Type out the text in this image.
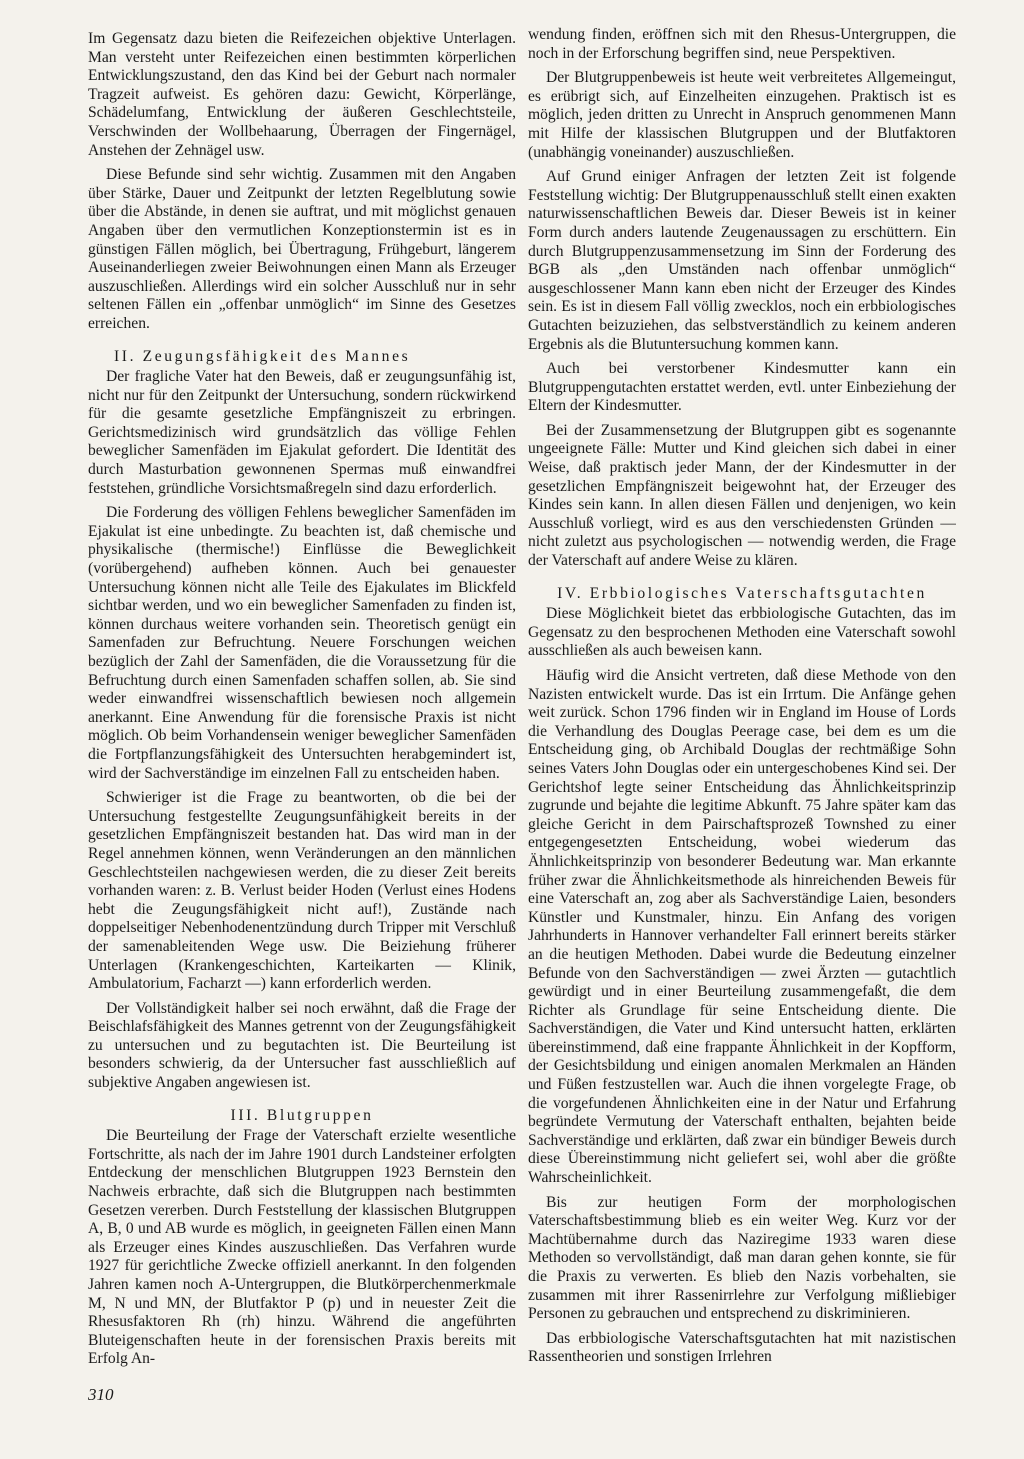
Im Gegensatz dazu bieten die Reifezeichen objektive Unterlagen. Man versteht unter Reifezeichen einen bestimmten körperlichen Entwicklungszustand, den das Kind bei der Geburt nach normaler Tragzeit aufweist. Es gehören dazu: Gewicht, Körperlänge, Schädelumfang, Entwicklung der äußeren Geschlechtsteile, Verschwinden der Wollbehaarung, Überragen der Fingernägel, Anstehen der Zehnägel usw.

Diese Befunde sind sehr wichtig. Zusammen mit den Angaben über Stärke, Dauer und Zeitpunkt der letzten Regelblutung sowie über die Abstände, in denen sie auftrat, und mit möglichst genauen Angaben über den vermutlichen Konzeptionstermin ist es in günstigen Fällen möglich, bei Übertragung, Frühgeburt, längerem Auseinanderliegen zweier Beiwohnungen einen Mann als Erzeuger auszuschließen. Allerdings wird ein solcher Ausschluß nur in sehr seltenen Fällen ein „offenbar unmöglich“ im Sinne des Gesetzes erreichen.

II. Zeugungsfähigkeit des Mannes

Der fragliche Vater hat den Beweis, daß er zeugungsunfähig ist, nicht nur für den Zeitpunkt der Untersuchung, sondern rückwirkend für die gesamte gesetzliche Empfängniszeit zu erbringen. Gerichtsmedizinisch wird grundsätzlich das völlige Fehlen beweglicher Samenfäden im Ejakulat gefordert. Die Identität des durch Masturbation gewonnenen Spermas muß einwandfrei feststehen, gründliche Vorsichtsmaßregeln sind dazu erforderlich.

Die Forderung des völligen Fehlens beweglicher Samenfäden im Ejakulat ist eine unbedingte. Zu beachten ist, daß chemische und physikalische (thermische!) Einflüsse die Beweglichkeit (vorübergehend) aufheben können. Auch bei genauester Untersuchung können nicht alle Teile des Ejakulates im Blickfeld sichtbar werden, und wo ein beweglicher Samenfaden zu finden ist, können durchaus weitere vorhanden sein. Theoretisch genügt ein Samenfaden zur Befruchtung. Neuere Forschungen weichen bezüglich der Zahl der Samenfäden, die die Voraussetzung für die Befruchtung durch einen Samenfaden schaffen sollen, ab. Sie sind weder einwandfrei wissenschaftlich bewiesen noch allgemein anerkannt. Eine Anwendung für die forensische Praxis ist nicht möglich. Ob beim Vorhandensein weniger beweglicher Samenfäden die Fortpflanzungsfähigkeit des Untersuchten herabgemindert ist, wird der Sachverständige im einzelnen Fall zu entscheiden haben.

Schwieriger ist die Frage zu beantworten, ob die bei der Untersuchung festgestellte Zeugungsunfähigkeit bereits in der gesetzlichen Empfängniszeit bestanden hat. Das wird man in der Regel annehmen können, wenn Veränderungen an den männlichen Geschlechtsteilen nachgewiesen werden, die zu dieser Zeit bereits vorhanden waren: z. B. Verlust beider Hoden (Verlust eines Hodens hebt die Zeugungsfähigkeit nicht auf!), Zustände nach doppelseitiger Nebenhodenentzündung durch Tripper mit Verschluß der samenableitenden Wege usw. Die Beiziehung früherer Unterlagen (Krankengeschichten, Karteikarten — Klinik, Ambulatorium, Facharzt —) kann erforderlich werden.

Der Vollständigkeit halber sei noch erwähnt, daß die Frage der Beischlafsfähigkeit des Mannes getrennt von der Zeugungsfähigkeit zu untersuchen und zu begutachten ist. Die Beurteilung ist besonders schwierig, da der Untersucher fast ausschließlich auf subjektive Angaben angewiesen ist.

III. Blutgruppen

Die Beurteilung der Frage der Vaterschaft erzielte wesentliche Fortschritte, als nach der im Jahre 1901 durch Landsteiner erfolgten Entdeckung der menschlichen Blutgruppen 1923 Bernstein den Nachweis erbrachte, daß sich die Blutgruppen nach bestimmten Gesetzen vererben. Durch Feststellung der klassischen Blutgruppen A, B, 0 und AB wurde es möglich, in geeigneten Fällen einen Mann als Erzeuger eines Kindes auszuschließen. Das Verfahren wurde 1927 für gerichtliche Zwecke offiziell anerkannt. In den folgenden Jahren kamen noch A-Untergruppen, die Blutkörperchenmerkmale M, N und MN, der Blutfaktor P (p) und in neuester Zeit die Rhesusfaktoren Rh (rh) hinzu. Während die angeführten Bluteigenschaften heute in der forensischen Praxis bereits mit Erfolg An-

wendung finden, eröffnen sich mit den Rhesus-Untergruppen, die noch in der Erforschung begriffen sind, neue Perspektiven.

Der Blutgruppenbeweis ist heute weit verbreitetes Allgemeingut, es erübrigt sich, auf Einzelheiten einzugehen. Praktisch ist es möglich, jeden dritten zu Unrecht in Anspruch genommenen Mann mit Hilfe der klassischen Blutgruppen und der Blutfaktoren (unabhängig voneinander) auszuschließen.

Auf Grund einiger Anfragen der letzten Zeit ist folgende Feststellung wichtig: Der Blutgruppenausschluß stellt einen exakten naturwissenschaftlichen Beweis dar. Dieser Beweis ist in keiner Form durch anders lautende Zeugenaussagen zu erschüttern. Ein durch Blutgruppenzusammensetzung im Sinn der Forderung des BGB als „den Umständen nach offenbar unmöglich“ ausgeschlossener Mann kann eben nicht der Erzeuger des Kindes sein. Es ist in diesem Fall völlig zwecklos, noch ein erbbiologisches Gutachten beizuziehen, das selbstverständlich zu keinem anderen Ergebnis als die Blutuntersuchung kommen kann.

Auch bei verstorbener Kindesmutter kann ein Blutgruppengutachten erstattet werden, evtl. unter Einbeziehung der Eltern der Kindesmutter.

Bei der Zusammensetzung der Blutgruppen gibt es sogenannte ungeeignete Fälle: Mutter und Kind gleichen sich dabei in einer Weise, daß praktisch jeder Mann, der der Kindesmutter in der gesetzlichen Empfängniszeit beigewohnt hat, der Erzeuger des Kindes sein kann. In allen diesen Fällen und denjenigen, wo kein Ausschluß vorliegt, wird es aus den verschiedensten Gründen — nicht zuletzt aus psychologischen — notwendig werden, die Frage der Vaterschaft auf andere Weise zu klären.

IV. Erbbiologisches Vaterschaftsgutachten

Diese Möglichkeit bietet das erbbiologische Gutachten, das im Gegensatz zu den besprochenen Methoden eine Vaterschaft sowohl ausschließen als auch beweisen kann.

Häufig wird die Ansicht vertreten, daß diese Methode von den Nazisten entwickelt wurde. Das ist ein Irrtum. Die Anfänge gehen weit zurück. Schon 1796 finden wir in England im House of Lords die Verhandlung des Douglas Peerage case, bei dem es um die Entscheidung ging, ob Archibald Douglas der rechtmäßige Sohn seines Vaters John Douglas oder ein untergeschobenes Kind sei. Der Gerichtshof legte seiner Entscheidung das Ähnlichkeitsprinzip zugrunde und bejahte die legitime Abkunft. 75 Jahre später kam das gleiche Gericht in dem Pairschaftsprozeß Townshed zu einer entgegengesetzten Entscheidung, wobei wiederum das Ähnlichkeitsprinzip von besonderer Bedeutung war. Man erkannte früher zwar die Ähnlichkeitsmethode als hinreichenden Beweis für eine Vaterschaft an, zog aber als Sachverständige Laien, besonders Künstler und Kunstmaler, hinzu. Ein Anfang des vorigen Jahrhunderts in Hannover verhandelter Fall erinnert bereits stärker an die heutigen Methoden. Dabei wurde die Bedeutung einzelner Befunde von den Sachverständigen — zwei Ärzten — gutachtlich gewürdigt und in einer Beurteilung zusammengefaßt, die dem Richter als Grundlage für seine Entscheidung diente. Die Sachverständigen, die Vater und Kind untersucht hatten, erklärten übereinstimmend, daß eine frappante Ähnlichkeit in der Kopfform, der Gesichtsbildung und einigen anomalen Merkmalen an Händen und Füßen festzustellen war. Auch die ihnen vorgelegte Frage, ob die vorgefundenen Ähnlichkeiten eine in der Natur und Erfahrung begründete Vermutung der Vaterschaft enthalten, bejahten beide Sachverständige und erklärten, daß zwar ein bündiger Beweis durch diese Übereinstimmung nicht geliefert sei, wohl aber die größte Wahrscheinlichkeit.

Bis zur heutigen Form der morphologischen Vaterschaftsbestimmung blieb es ein weiter Weg. Kurz vor der Machtübernahme durch das Naziregime 1933 waren diese Methoden so vervollständigt, daß man daran gehen konnte, sie für die Praxis zu verwerten. Es blieb den Nazis vorbehalten, sie zusammen mit ihrer Rassenirrlehre zur Verfolgung mißliebiger Personen zu gebrauchen und entsprechend zu diskriminieren.

Das erbbiologische Vaterschaftsgutachten hat mit nazistischen Rassentheorien und sonstigen Irrlehren

310
